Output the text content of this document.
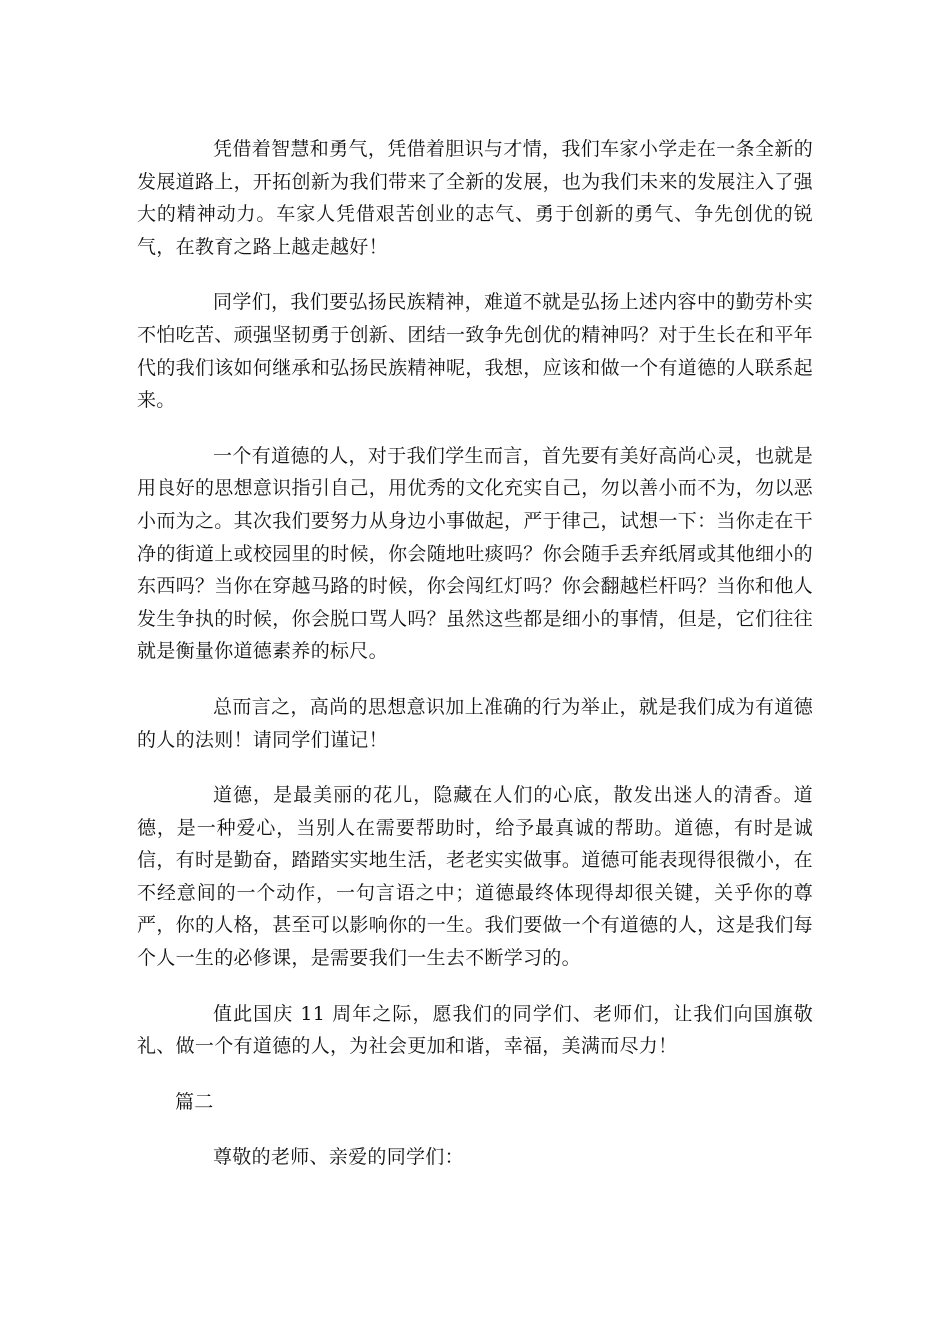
凭借着智慧和勇气，凭借着胆识与才情，我们车家小学走在一条全新的发展道路上，开拓创新为我们带来了全新的发展，也为我们未来的发展注入了强大的精神动力。车家人凭借艰苦创业的志气、勇于创新的勇气、争先创优的锐气，在教育之路上越走越好！

同学们，我们要弘扬民族精神，难道不就是弘扬上述内容中的勤劳朴实不怕吃苦、顽强坚韧勇于创新、团结一致争先创优的精神吗？对于生长在和平年代的我们该如何继承和弘扬民族精神呢，我想，应该和做一个有道德的人联系起来。

一个有道德的人，对于我们学生而言，首先要有美好高尚心灵，也就是用良好的思想意识指引自己，用优秀的文化充实自己，勿以善小而不为，勿以恶小而为之。其次我们要努力从身边小事做起，严于律己，试想一下：当你走在干净的街道上或校园里的时候，你会随地吐痰吗？你会随手丢弃纸屑或其他细小的东西吗？当你在穿越马路的时候，你会闯红灯吗？你会翻越栏杆吗？当你和他人发生争执的时候，你会脱口骂人吗？虽然这些都是细小的事情，但是，它们往往就是衡量你道德素养的标尺。

总而言之，高尚的思想意识加上准确的行为举止，就是我们成为有道德的人的法则！请同学们谨记！

道德，是最美丽的花儿，隐藏在人们的心底，散发出迷人的清香。道德，是一种爱心，当别人在需要帮助时，给予最真诚的帮助。道德，有时是诚信，有时是勤奋，踏踏实实地生活，老老实实做事。道德可能表现得很微小，在不经意间的一个动作，一句言语之中；道德最终体现得却很关键，关乎你的尊严，你的人格，甚至可以影响你的一生。我们要做一个有道德的人，这是我们每个人一生的必修课，是需要我们一生去不断学习的。

值此国庆 11 周年之际，愿我们的同学们、老师们，让我们向国旗敬礼、做一个有道德的人，为社会更加和谐，幸福，美满而尽力！

篇二

尊敬的老师、亲爱的同学们：
